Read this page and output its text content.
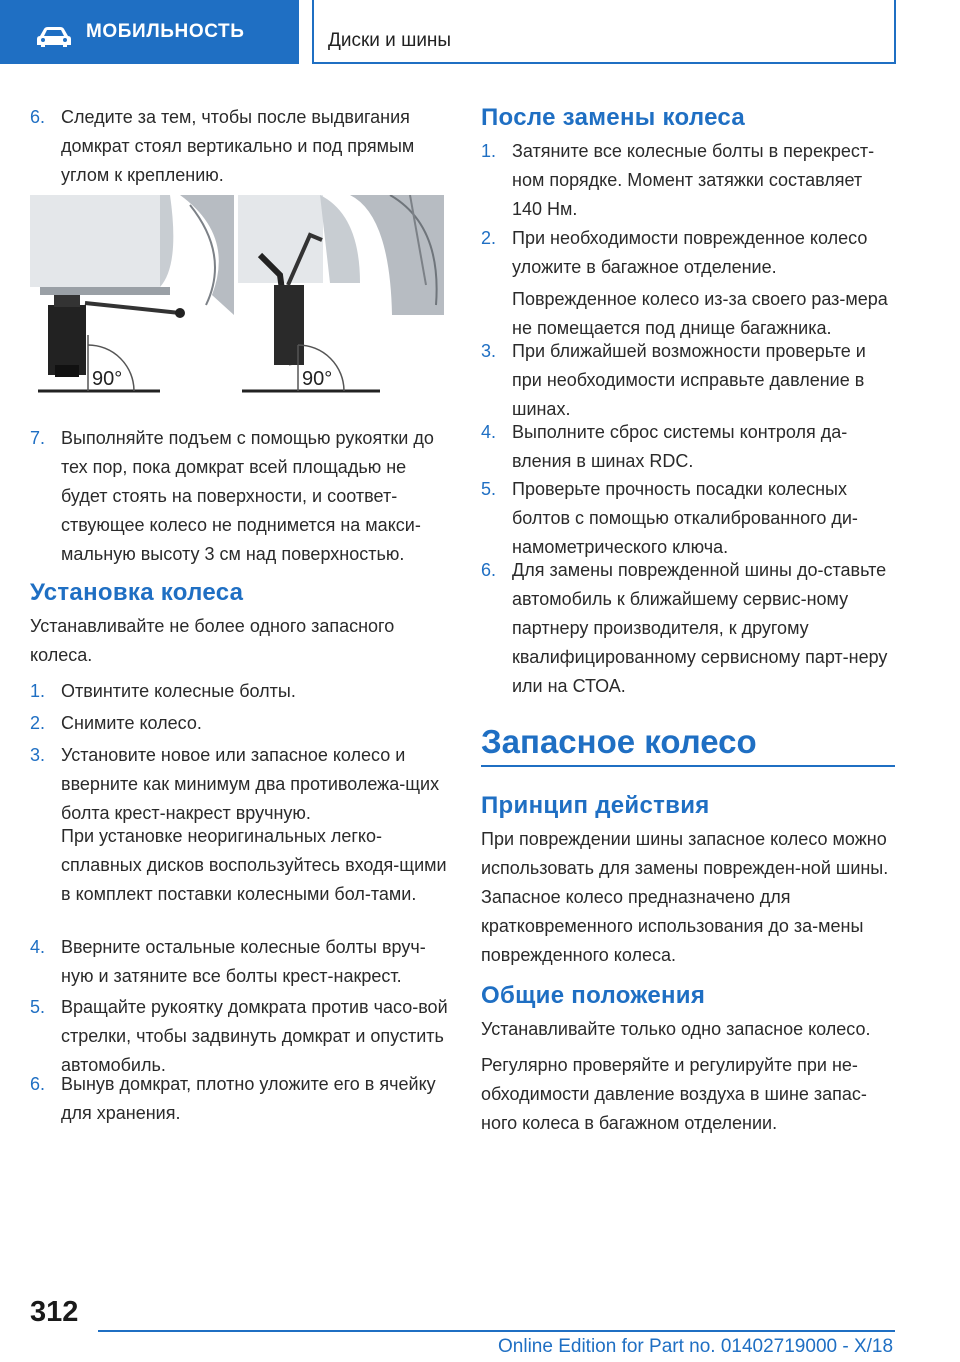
МОБИЛЬНОСТЬ	Диски и шины
6. Следите за тем, чтобы после выдвигания домкрат стоял вертикально и под прямым углом к креплению.
90°	90°
7. Выполняйте подъем с помощью рукоятки до тех пор, пока домкрат всей площадью не будет стоять на поверхности, и соответ-ствующее колесо не поднимется на макси-мальную высоту 3 см над поверхностью.
Установка колеса
Устанавливайте не более одного запасного колеса.
1. Отвинтите колесные болты.
2. Снимите колесо.
3. Установите новое или запасное колесо и вверните как минимум два противолежа-щих болта крест-накрест вручную.
При установке неоригинальных легко-сплавных дисков воспользуйтесь входя-щими в комплект поставки колесными бол-тами.
4. Вверните остальные колесные болты вруч-ную и затяните все болты крест-накрест.
5. Вращайте рукоятку домкрата против часо-вой стрелки, чтобы задвинуть домкрат и опустить автомобиль.
6. Вынув домкрат, плотно уложите его в ячейку для хранения.
После замены колеса
1. Затяните все колесные болты в перекрест-ном порядке. Момент затяжки составляет 140 Нм.
2. При необходимости поврежденное колесо уложите в багажное отделение.
Поврежденное колесо из-за своего раз-мера не помещается под днище багажника.
3. При ближайшей возможности проверьте и при необходимости исправьте давление в шинах.
4. Выполните сброс системы контроля да-вления в шинах RDC.
5. Проверьте прочность посадки колесных болтов с помощью откалиброванного ди-намометрического ключа.
6. Для замены поврежденной шины до-ставьте автомобиль к ближайшему сервис-ному партнеру производителя, к другому квалифицированному сервисному парт-неру или на СТОА.
Запасное колесо
Принцип действия
При повреждении шины запасное колесо можно использовать для замены поврежден-ной шины. Запасное колесо предназначено для кратковременного использования до за-мены поврежденного колеса.
Общие положения
Устанавливайте только одно запасное колесо.
Регулярно проверяйте и регулируйте при не-обходимости давление воздуха в шине запас-ного колеса в багажном отделении.
312
Online Edition for Part no. 01402719000 - X/18
